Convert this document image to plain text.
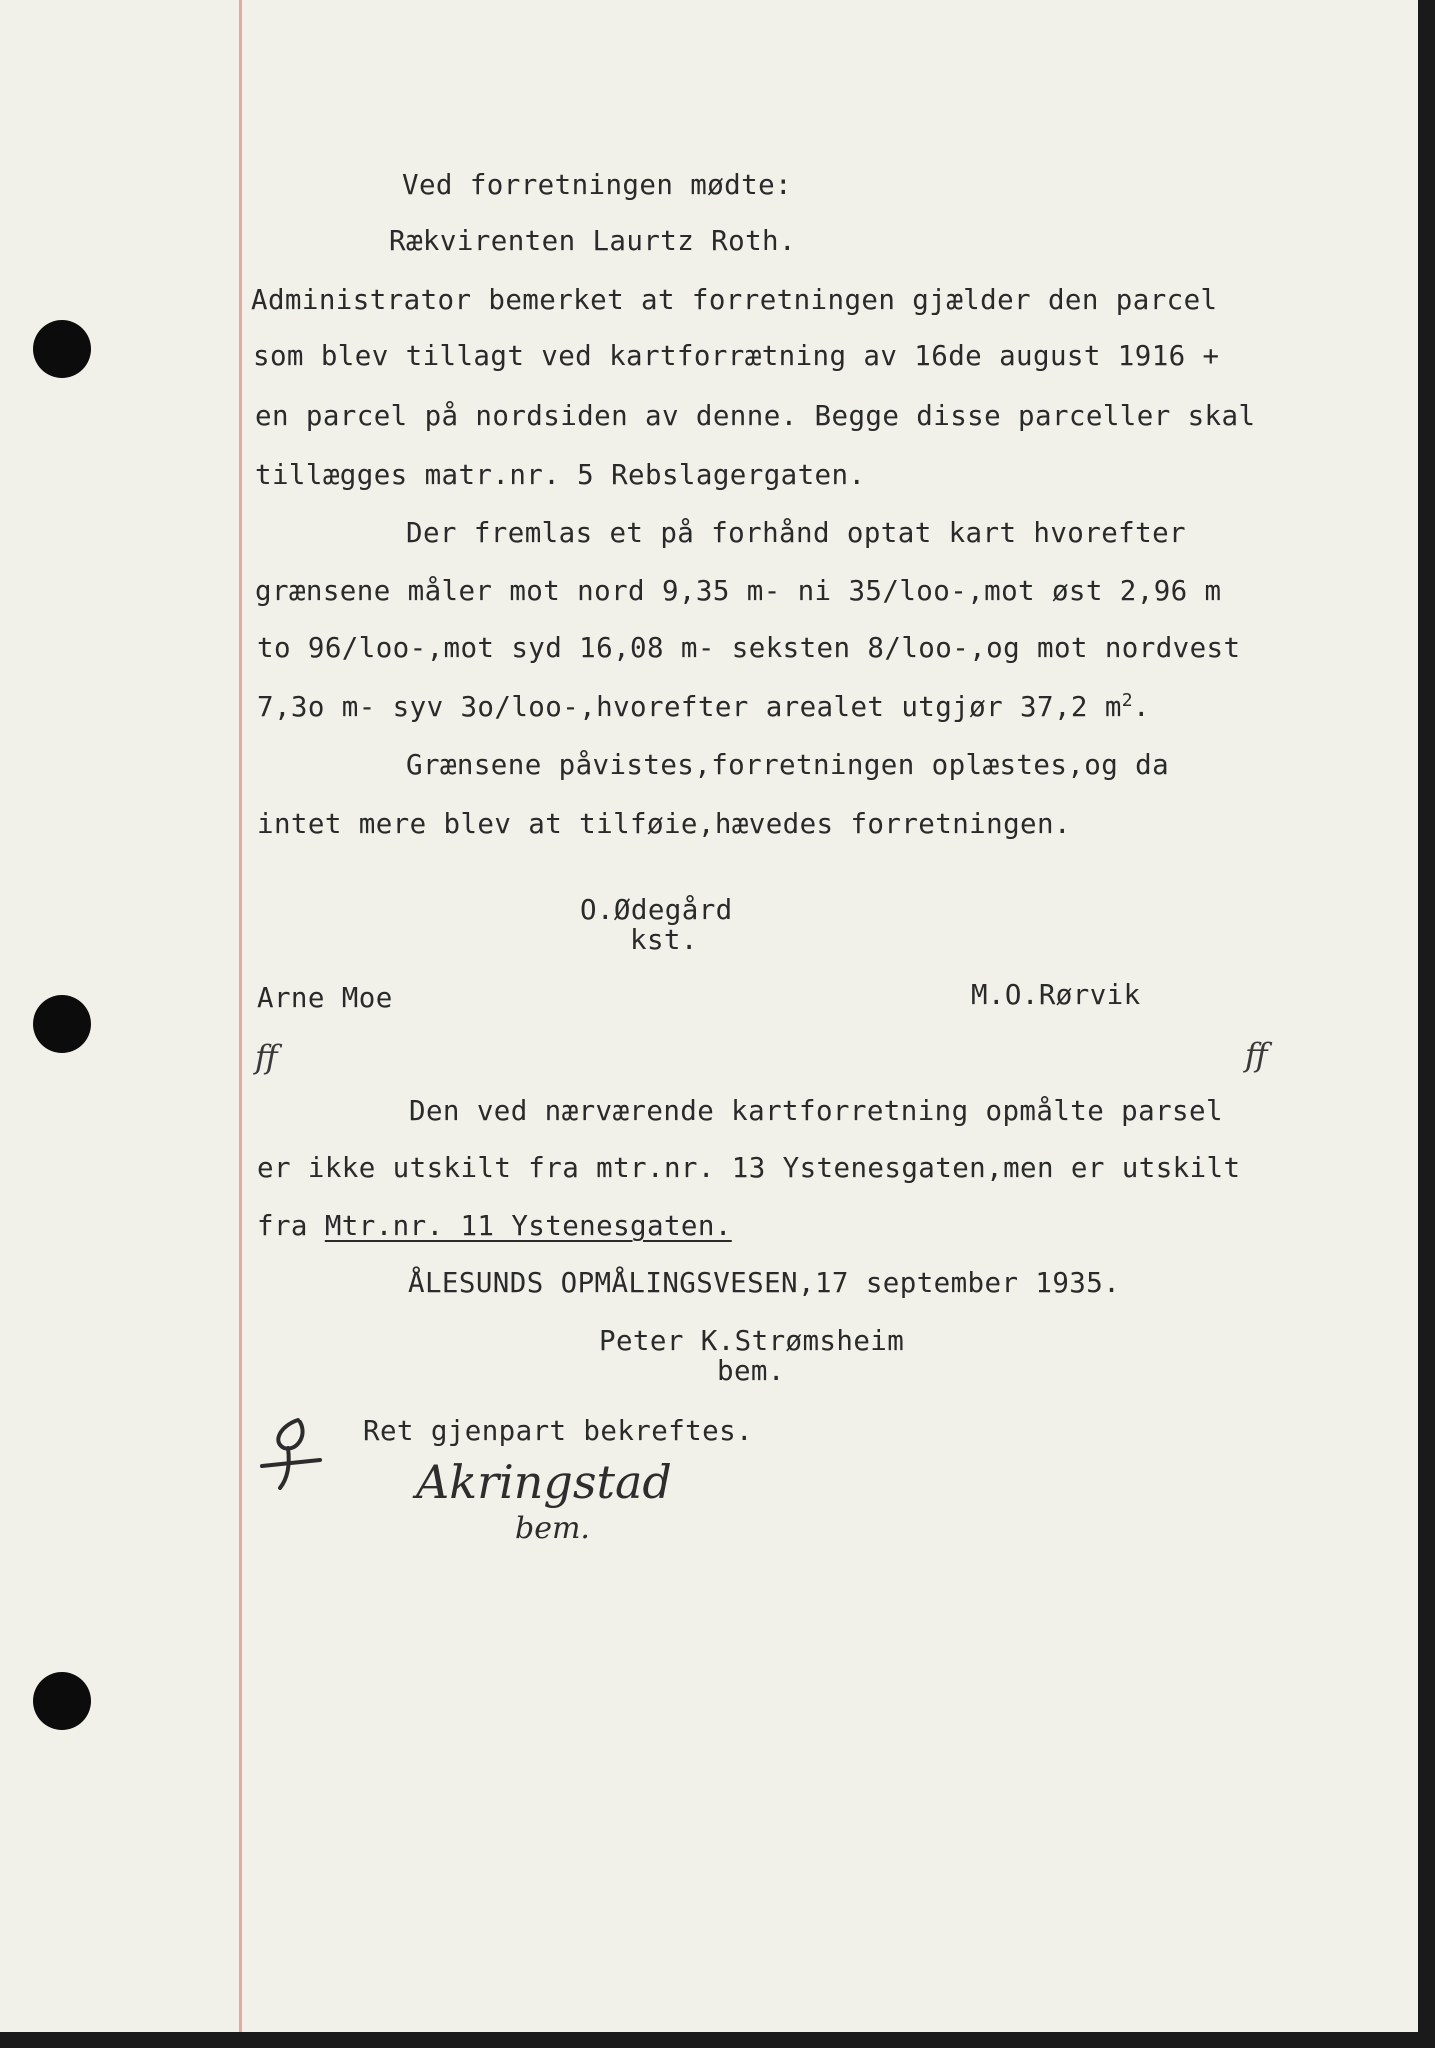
Ved forretningen mødte:
Rækvirenten Laurtz Roth.
Administrator bemerket at forretningen gjælder den parcel
som blev tillagt ved kartforrætning av 16de august 1916 +
en parcel på nordsiden av denne. Begge disse parceller skal
tillægges matr.nr. 5 Rebslagergaten.
Der fremlas et på forhånd optat kart hvorefter
grænsene måler mot nord 9,35 m- ni 35/loo-,mot øst 2,96 m
to 96/loo-,mot syd 16,08 m- seksten 8/loo-,og mot nordvest
7,3o m- syv 3o/loo-,hvorefter arealet utgjør 37,2 $m^2$.
Grænsene påvistes,forretningen oplæstes,og da
intet mere blev at tilføie,hævedes forretningen.
O.Ødegård
kst.
Arne Moe	M.O.Rørvik
ff	ff
Den ved nærværende kartforretning opmålte parsel
er ikke utskilt fra mtr.nr. 13 Ystenesgaten,men er utskilt
fra Mtr.nr. 11 Ystenesgaten.
ÅLESUNDS OPMÅLINGSVESEN,17 september 1935.
Peter K.Strømsheim
bem.
Ret gjenpart bekreftes.
Akringstad
bem.
